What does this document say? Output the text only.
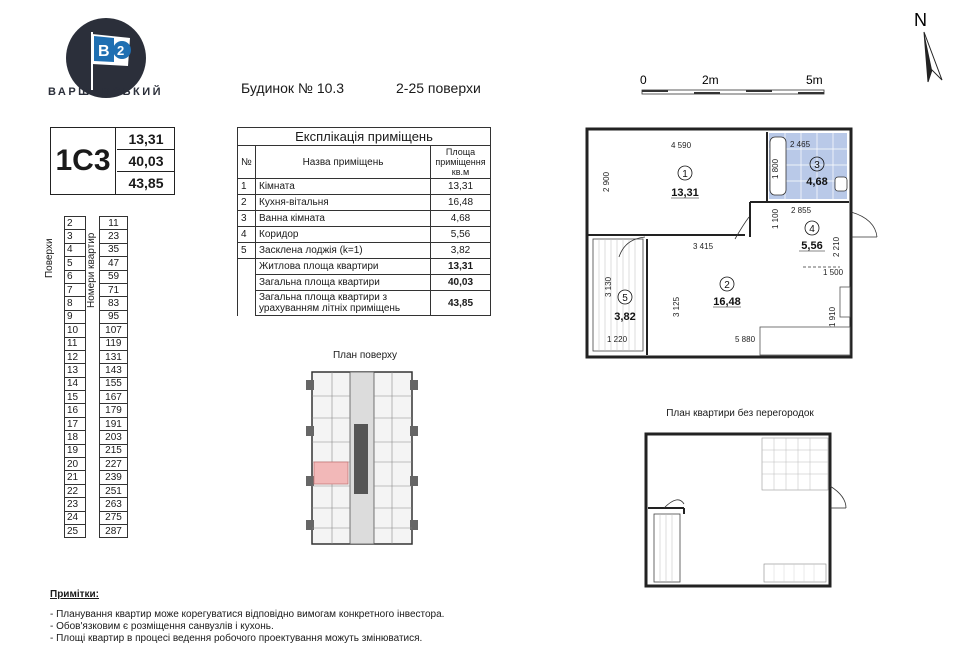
B 2
ВАРШАВСЬКИЙ	Будинок № 10.3	2-25 поверхи	0	2m	5m
N
1С3
13,31
40,03
43,85
Поверхи	Номери квартир
2		11
3		23
4		35
5		47
6		59
7		71
8		83
9		95
10		107
11		119
12		131
13		143
14		155
15		167
16		179
17		191
18		203
19		215
20		227
21		239
22		251
23		263
24		275
25		287
Експлікація приміщень		
№	Назва приміщень	Площа приміщення кв.м
1	Кімната	13,31
2	Кухня-вітальня	16,48
3	Ванна кімната	4,68
4	Коридор	5,56
5	Засклена лоджія (k=1)	3,82
	Житлова площа квартири	13,31
	Загальна площа квартири	40,03
	Загальна площа квартири з урахуванням літніх приміщень	43,85
План поверху
4 590	2 465
2 900
1 800
1 100 2 855
3 415	2 210
1 500
3 130
3 125	1 910
1 220	5 880
1
13,31
3
4,68
4
5,56
2
16,48
5
3,82
План квартири без перегородок
Примітки:
- Планування квартир може корегуватися відповідно вимогам конкретного інвестора.
- Обов'язковим є розміщення санвузлів і кухонь.
- Площі квартир в процесі ведення робочого проектування можуть змінюватися.
